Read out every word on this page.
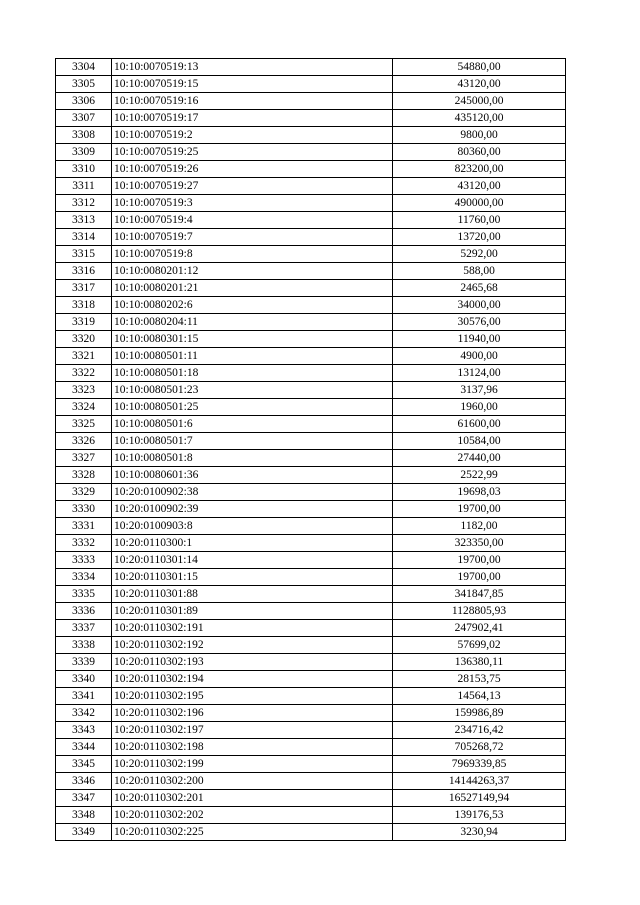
3304	10:10:0070519:13	54880,00
3305	10:10:0070519:15	43120,00
3306	10:10:0070519:16	245000,00
3307	10:10:0070519:17	435120,00
3308	10:10:0070519:2	9800,00
3309	10:10:0070519:25	80360,00
3310	10:10:0070519:26	823200,00
3311	10:10:0070519:27	43120,00
3312	10:10:0070519:3	490000,00
3313	10:10:0070519:4	11760,00
3314	10:10:0070519:7	13720,00
3315	10:10:0070519:8	5292,00
3316	10:10:0080201:12	588,00
3317	10:10:0080201:21	2465,68
3318	10:10:0080202:6	34000,00
3319	10:10:0080204:11	30576,00
3320	10:10:0080301:15	11940,00
3321	10:10:0080501:11	4900,00
3322	10:10:0080501:18	13124,00
3323	10:10:0080501:23	3137,96
3324	10:10:0080501:25	1960,00
3325	10:10:0080501:6	61600,00
3326	10:10:0080501:7	10584,00
3327	10:10:0080501:8	27440,00
3328	10:10:0080601:36	2522,99
3329	10:20:0100902:38	19698,03
3330	10:20:0100902:39	19700,00
3331	10:20:0100903:8	1182,00
3332	10:20:0110300:1	323350,00
3333	10:20:0110301:14	19700,00
3334	10:20:0110301:15	19700,00
3335	10:20:0110301:88	341847,85
3336	10:20:0110301:89	1128805,93
3337	10:20:0110302:191	247902,41
3338	10:20:0110302:192	57699,02
3339	10:20:0110302:193	136380,11
3340	10:20:0110302:194	28153,75
3341	10:20:0110302:195	14564,13
3342	10:20:0110302:196	159986,89
3343	10:20:0110302:197	234716,42
3344	10:20:0110302:198	705268,72
3345	10:20:0110302:199	7969339,85
3346	10:20:0110302:200	14144263,37
3347	10:20:0110302:201	16527149,94
3348	10:20:0110302:202	139176,53
3349	10:20:0110302:225	3230,94
